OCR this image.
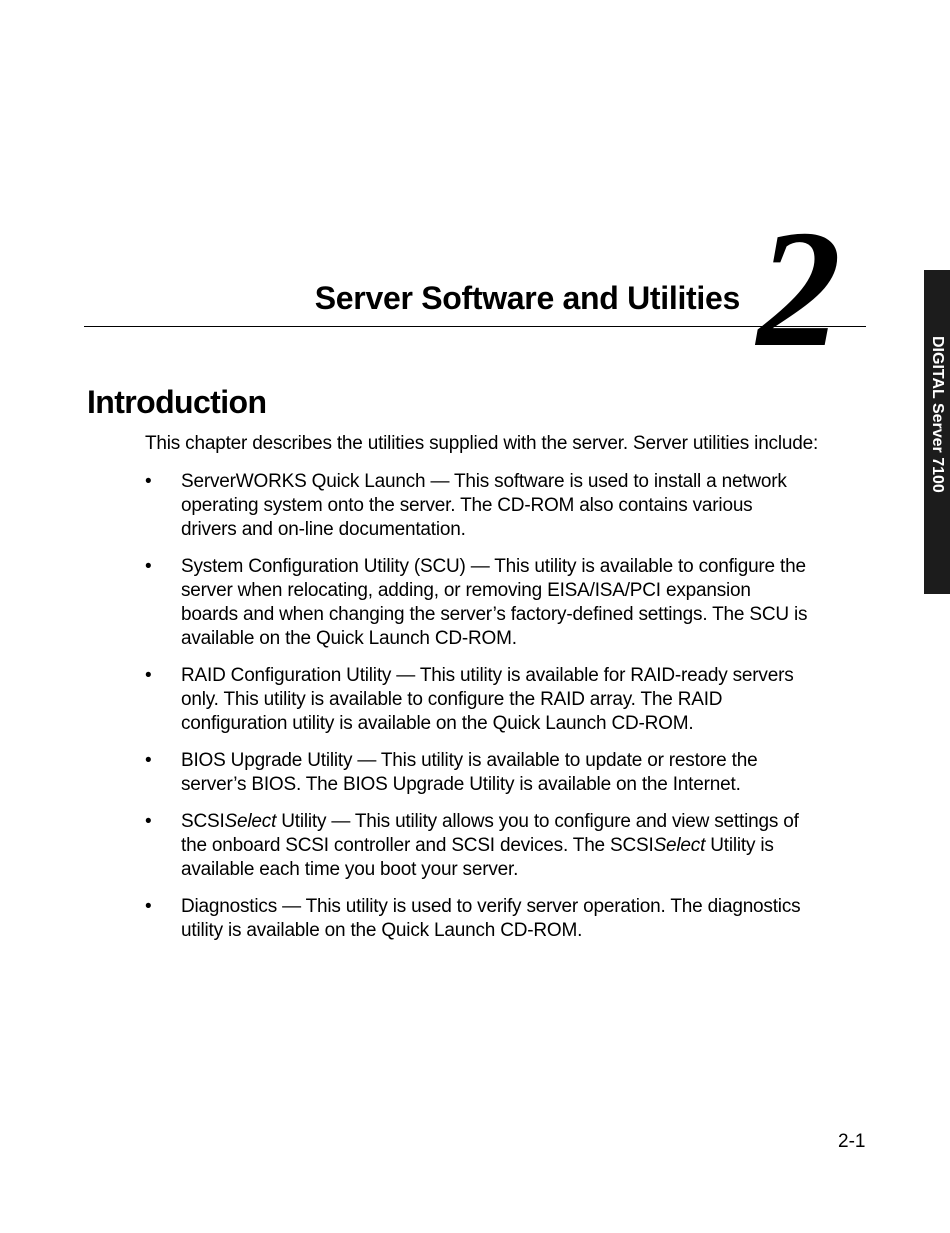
Server Software and Utilities 2
DIGITAL Server 7100
Introduction

This chapter describes the utilities supplied with the server. Server utilities include:

• ServerWORKS Quick Launch — This software is used to install a network
operating system onto the server. The CD-ROM also contains various
drivers and on-line documentation.
• System Configuration Utility (SCU) — This utility is available to configure the
server when relocating, adding, or removing EISA/ISA/PCI expansion
boards and when changing the server’s factory-defined settings. The SCU is
available on the Quick Launch CD-ROM.
• RAID Configuration Utility — This utility is available for RAID-ready servers
only. This utility is available to configure the RAID array. The RAID
configuration utility is available on the Quick Launch CD-ROM.
• BIOS Upgrade Utility — This utility is available to update or restore the
server’s BIOS. The BIOS Upgrade Utility is available on the Internet.
• SCSISelect Utility — This utility allows you to configure and view settings of
the onboard SCSI controller and SCSI devices. The SCSISelect Utility is
available each time you boot your server.
• Diagnostics — This utility is used to verify server operation. The diagnostics
utility is available on the Quick Launch CD-ROM.
2-1
